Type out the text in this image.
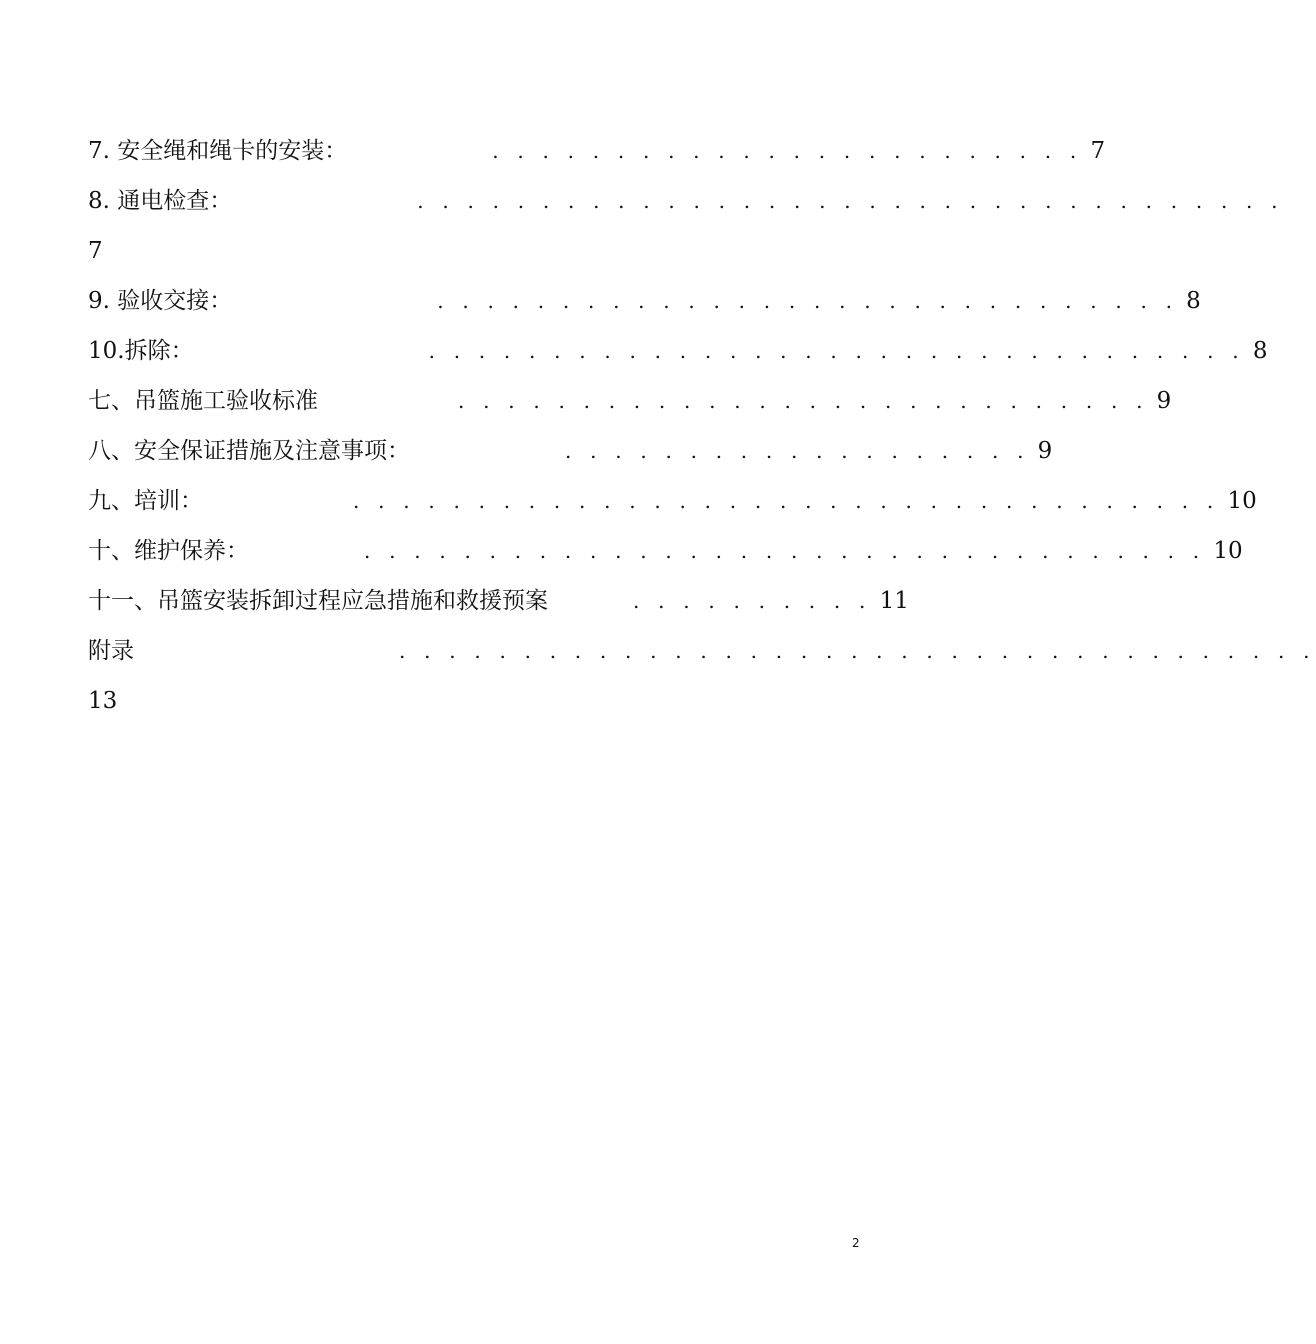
7. 安全绳和绳卡的安装：	. . . . . . . . . . . . . . . . . . . . . . . . 7
8. 通电检查：	. . . . . . . . . . . . . . . . . . . . . . . . . . . . . . . . . . .
7
9. 验收交接：	. . . . . . . . . . . . . . . . . . . . . . . . . . . . . . 8
10.拆除：	. . . . . . . . . . . . . . . . . . . . . . . . . . . . . . . . . 8
七、吊篮施工验收标准	. . . . . . . . . . . . . . . . . . . . . . . . . . . . 9
八、安全保证措施及注意事项：	. . . . . . . . . . . . . . . . . . . 9
九、培训：	. . . . . . . . . . . . . . . . . . . . . . . . . . . . . . . . . . . 10
十、维护保养：	. . . . . . . . . . . . . . . . . . . . . . . . . . . . . . . . . . 10
十一、吊篮安装拆卸过程应急措施和救援预案	. . . . . . . . . . 11
附录	. . . . . . . . . . . . . . . . . . . . . . . . . . . . . . . . . . . . .
13
2
